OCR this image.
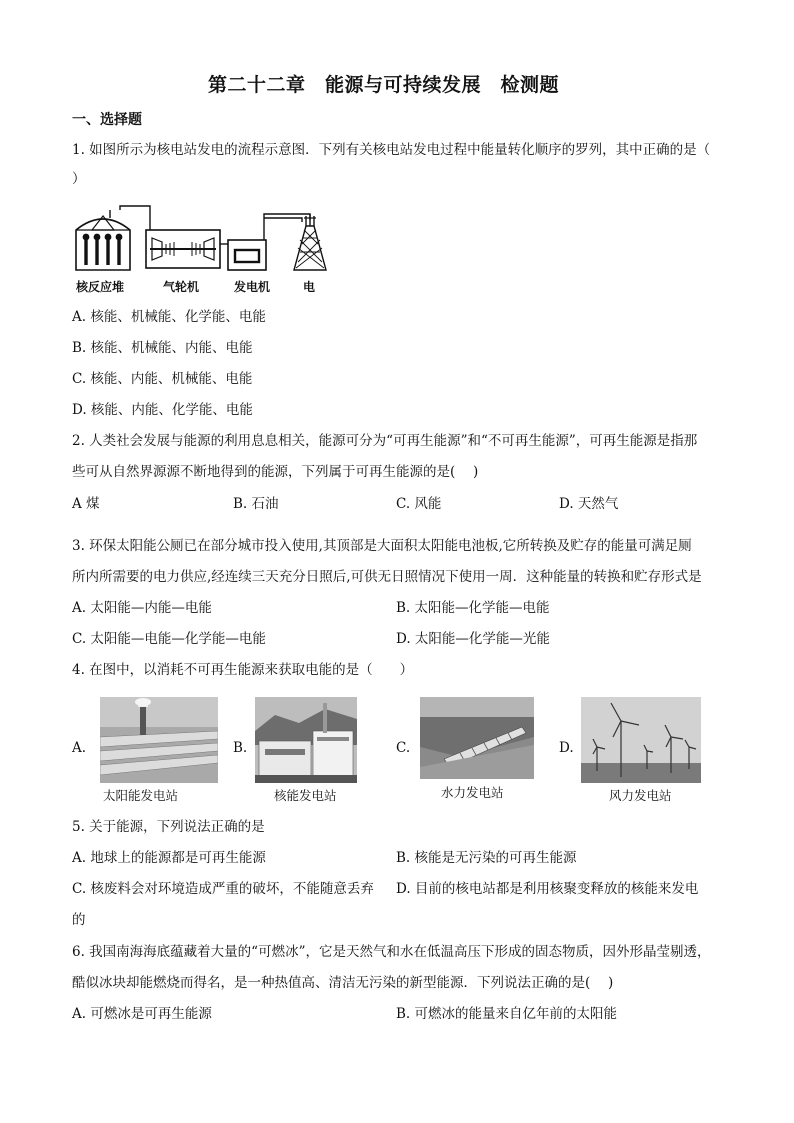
第二十二章　能源与可持续发展　检测题
一、选择题
1. 如图所示为核电站发电的流程示意图．下列有关核电站发电过程中能量转化顺序的罗列，其中正确的是（
）
核反应堆	气轮机	发电机	电
A. 核能、机械能、化学能、电能
B. 核能、机械能、内能、电能
C. 核能、内能、机械能、电能
D. 核能、内能、化学能、电能
2. 人类社会发展与能源的利用息息相关，能源可分为“可再生能源”和“不可再生能源”，可再生能源是指那
些可从自然界源源不断地得到的能源，下列属于可再生能源的是(　 )
A 煤	B. 石油	C. 风能	D. 天然气
3. 环保太阳能公厕已在部分城市投入使用,其顶部是大面积太阳能电池板,它所转换及贮存的能量可满足厕
所内所需要的电力供应,经连续三天充分日照后,可供无日照情况下使用一周．这种能量的转换和贮存形式是
A. 太阳能—内能—电能	B. 太阳能—化学能—电能
C. 太阳能—电能—化学能—电能	D. 太阳能—化学能—光能
4. 在图中，以消耗不可再生能源来获取电能的是（　　）
A.
太阳能发电站
B.
核能发电站
C.
水力发电站
D.
风力发电站
5. 关于能源，下列说法正确的是
A. 地球上的能源都是可再生能源	B. 核能是无污染的可再生能源
C. 核废料会对环境造成严重的破坏，不能随意丢弃 D. 目前的核电站都是利用核聚变释放的核能来发电
的
6. 我国南海海底蕴藏着大量的“可燃冰”，它是天然气和水在低温高压下形成的固态物质，因外形晶莹剔透，
酷似冰块却能燃烧而得名，是一种热值高、清洁无污染的新型能源．下列说法正确的是(　 )
A. 可燃冰是可再生能源	B. 可燃冰的能量来自亿年前的太阳能
